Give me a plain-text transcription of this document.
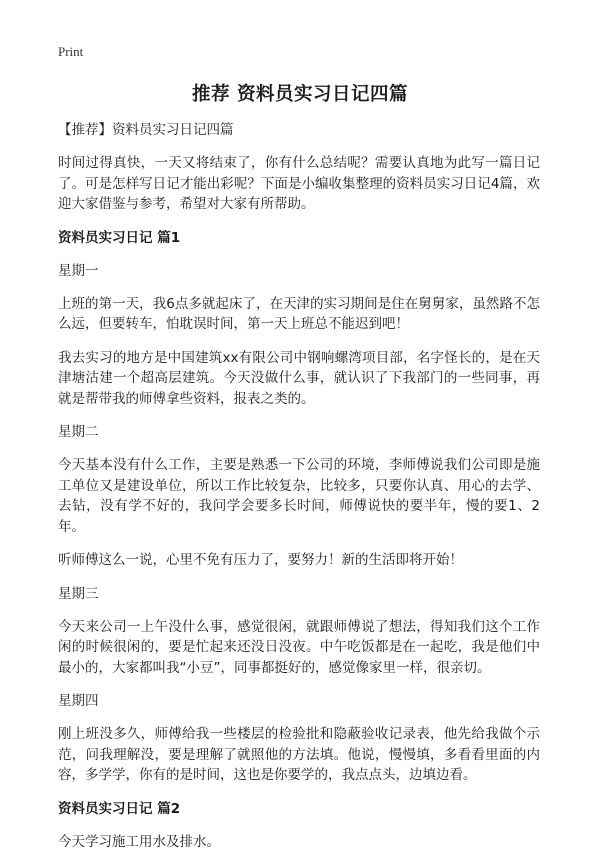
Print
推荐 资料员实习日记四篇
【推荐】资料员实习日记四篇

时间过得真快，一天又将结束了，你有什么总结呢？需要认真地为此写一篇日记了。可是怎样写日记才能出彩呢？下面是小编收集整理的资料员实习日记4篇，欢迎大家借鉴与参考，希望对大家有所帮助。

资料员实习日记 篇1
星期一

上班的第一天，我6点多就起床了，在天津的实习期间是住在舅舅家，虽然路不怎么远，但要转车，怕耽误时间，第一天上班总不能迟到吧！

我去实习的地方是中国建筑xx有限公司中钢响螺湾项目部，名字怪长的，是在天津塘沽建一个超高层建筑。今天没做什么事，就认识了下我部门的一些同事，再就是帮带我的师傅拿些资料，报表之类的。

星期二

今天基本没有什么工作，主要是熟悉一下公司的环境，李师傅说我们公司即是施工单位又是建设单位，所以工作比较复杂，比较多，只要你认真、用心的去学、去钻，没有学不好的，我问学会要多长时间，师傅说快的要半年，慢的要1、2年。

听师傅这么一说，心里不免有压力了，要努力！新的生活即将开始！

星期三

今天来公司一上午没什么事，感觉很闲，就跟师傅说了想法，得知我们这个工作闲的时候很闲的，要是忙起来还没日没夜。中午吃饭都是在一起吃，我是他们中最小的，大家都叫我“小豆”，同事都挺好的，感觉像家里一样，很亲切。

星期四

刚上班没多久，师傅给我一些楼层的检验批和隐蔽验收记录表，他先给我做个示范，问我理解没，要是理解了就照他的方法填。他说，慢慢填，多看看里面的内容，多学学，你有的是时间，这也是你要学的，我点点头，边填边看。

资料员实习日记 篇2

今天学习施工用水及排水。
